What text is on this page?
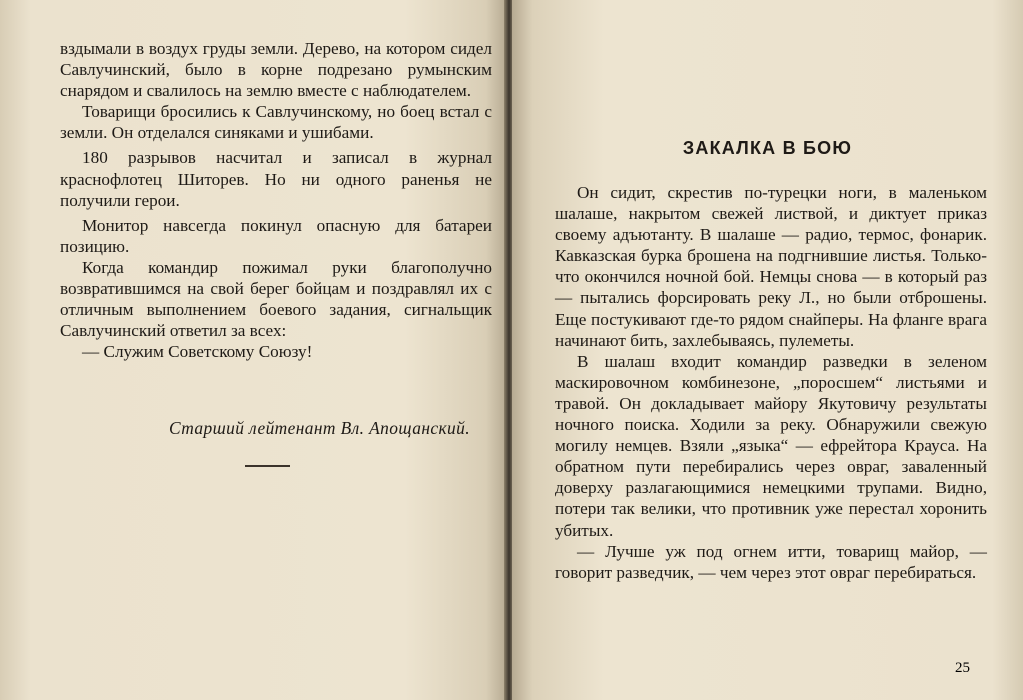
вздымали в воздух груды земли. Дерево, на котором сидел Савлучинский, было в корне подрезано румынским снарядом и свалилось на землю вместе с наблюдателем.

Товарищи бросились к Савлучинскому, но боец встал с земли. Он отделался синяками и ушибами.

180 разрывов насчитал и записал в журнал краснофлотец Шиторев. Но ни одного раненья не получили герои.

Монитор навсегда покинул опасную для батареи позицию.

Когда командир пожимал руки благополучно возвратившимся на свой берег бойцам и поздравлял их с отличным выполнением боевого задания, сигнальщик Савлучинский ответил за всех:

— Служим Советскому Союзу!

Старший лейтенант Вл. Апощанский.
ЗАКАЛКА В БОЮ

Он сидит, скрестив по-турецки ноги, в маленьком шалаше, накрытом свежей листвой, и диктует приказ своему адъютанту. В шалаше — радио, термос, фонарик. Кавказская бурка брошена на подгнившие листья. Только-что окончился ночной бой. Немцы снова — в который раз — пытались форсировать реку Л., но были отброшены. Еще постукивают где-то рядом снайперы. На фланге врага начинают бить, захлебываясь, пулеметы.

В шалаш входит командир разведки в зеленом маскировочном комбинезоне, „поросшем“ листьями и травой. Он докладывает майору Якутовичу результаты ночного поиска. Ходили за реку. Обнаружили свежую могилу немцев. Взяли „языка“ — ефрейтора Крауса. На обратном пути перебирались через овраг, заваленный доверху разлагающимися немецкими трупами. Видно, потери так велики, что противник уже перестал хоронить убитых.

— Лучше уж под огнем итти, товарищ майор, — говорит разведчик, — чем через этот овраг перебираться.

25
